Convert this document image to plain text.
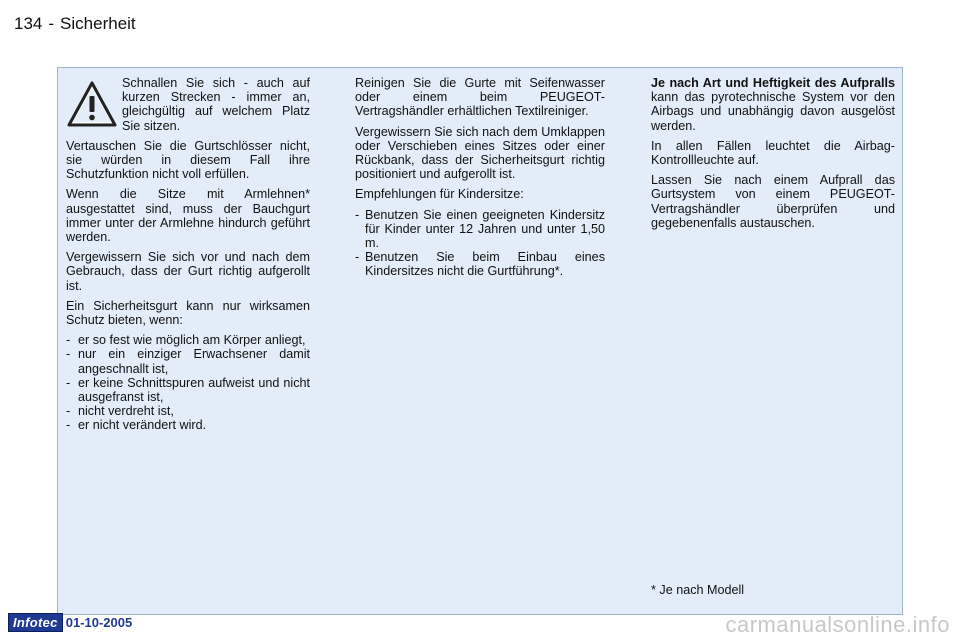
134 - Sicherheit
Schnallen Sie sich - auch auf kurzen Strecken - immer an, gleichgültig auf welchem Platz Sie sitzen.

Vertauschen Sie die Gurtschlösser nicht, sie würden in diesem Fall ihre Schutzfunktion nicht voll erfüllen.

Wenn die Sitze mit Armlehnen* ausgestattet sind, muss der Bauchgurt immer unter der Armlehne hindurch geführt werden.

Vergewissern Sie sich vor und nach dem Gebrauch, dass der Gurt richtig aufgerollt ist.

Ein Sicherheitsgurt kann nur wirksamen Schutz bieten, wenn:

- er so fest wie möglich am Körper anliegt,
- nur ein einziger Erwachsener damit angeschnallt ist,
- er keine Schnittspuren aufweist und nicht ausgefranst ist,
- nicht verdreht ist,
- er nicht verändert wird.

Reinigen Sie die Gurte mit Seifenwasser oder einem beim PEUGEOT-Vertragshändler erhältlichen Textilreiniger.

Vergewissern Sie sich nach dem Umklappen oder Verschieben eines Sitzes oder einer Rückbank, dass der Sicherheitsgurt richtig positioniert und aufgerollt ist.

Empfehlungen für Kindersitze:

- Benutzen Sie einen geeigneten Kindersitz für Kinder unter 12 Jahren und unter 1,50 m.
- Benutzen Sie beim Einbau eines Kindersitzes nicht die Gurtführung*.

Je nach Art und Heftigkeit des Aufpralls kann das pyrotechnische System vor den Airbags und unabhängig davon ausgelöst werden.

In allen Fällen leuchtet die Airbag-Kontrollleuchte auf.

Lassen Sie nach einem Aufprall das Gurtsystem von einem PEUGEOT-Vertragshändler überprüfen und gegebenenfalls austauschen.

* Je nach Modell
Infotec 01-10-2005	carmanualsonline.info
